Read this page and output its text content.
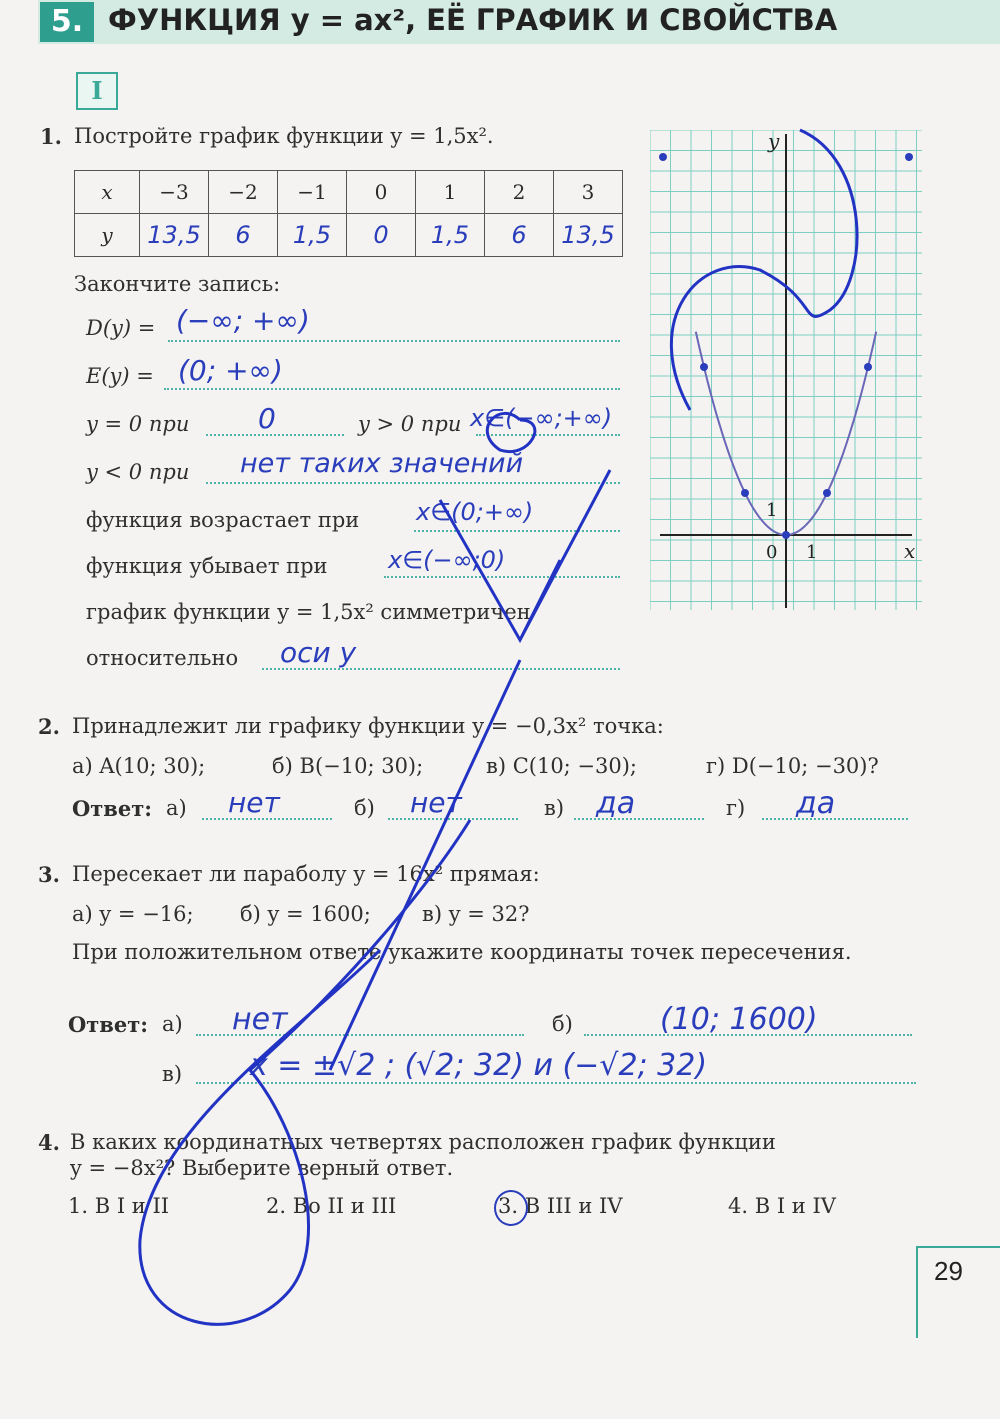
5. ФУНКЦИЯ y = ax², ЕЁ ГРАФИК И СВОЙСТВА
I
1. Постройте график функции y = 1,5x².
x	−3	−2	−1	0	1	2	3
y	13,5	6	1,5	0	1,5	6	13,5
Закончите запись:
D(y) = (−∞; +∞)
E(y) = (0; +∞)
y = 0 при 0	y > 0 при x∈(−∞;+∞)
y < 0 при нет таких значений
функция возрастает при x∈(0;+∞)
функция убывает при	x∈(−∞;0)
график функции y = 1,5x² симметричен
относительно оси y
y
x
0 1
1
2. Принадлежит ли графику функции y = −0,3x² точка:
а) A(10; 30);	б) B(−10; 30);	в) C(10; −30);	г) D(−10; −30)?
Ответ: а) нет	б) нет	в) да	г) да
3. Пересекает ли параболу y = 16x² прямая:
а) y = −16; б) y = 1600; в) y = 32?
При положительном ответе укажите координаты точек пересечения.
Ответ: а) нет	б)	(10; 1600)
в) x = ±√2 ; (√2; 32) и (−√2; 32)
4. В каких координатных четвертях расположен график функции
y = −8x²? Выберите верный ответ.
1. В I и II	2. Во II и III	3. В III и IV	4. В I и IV
29
